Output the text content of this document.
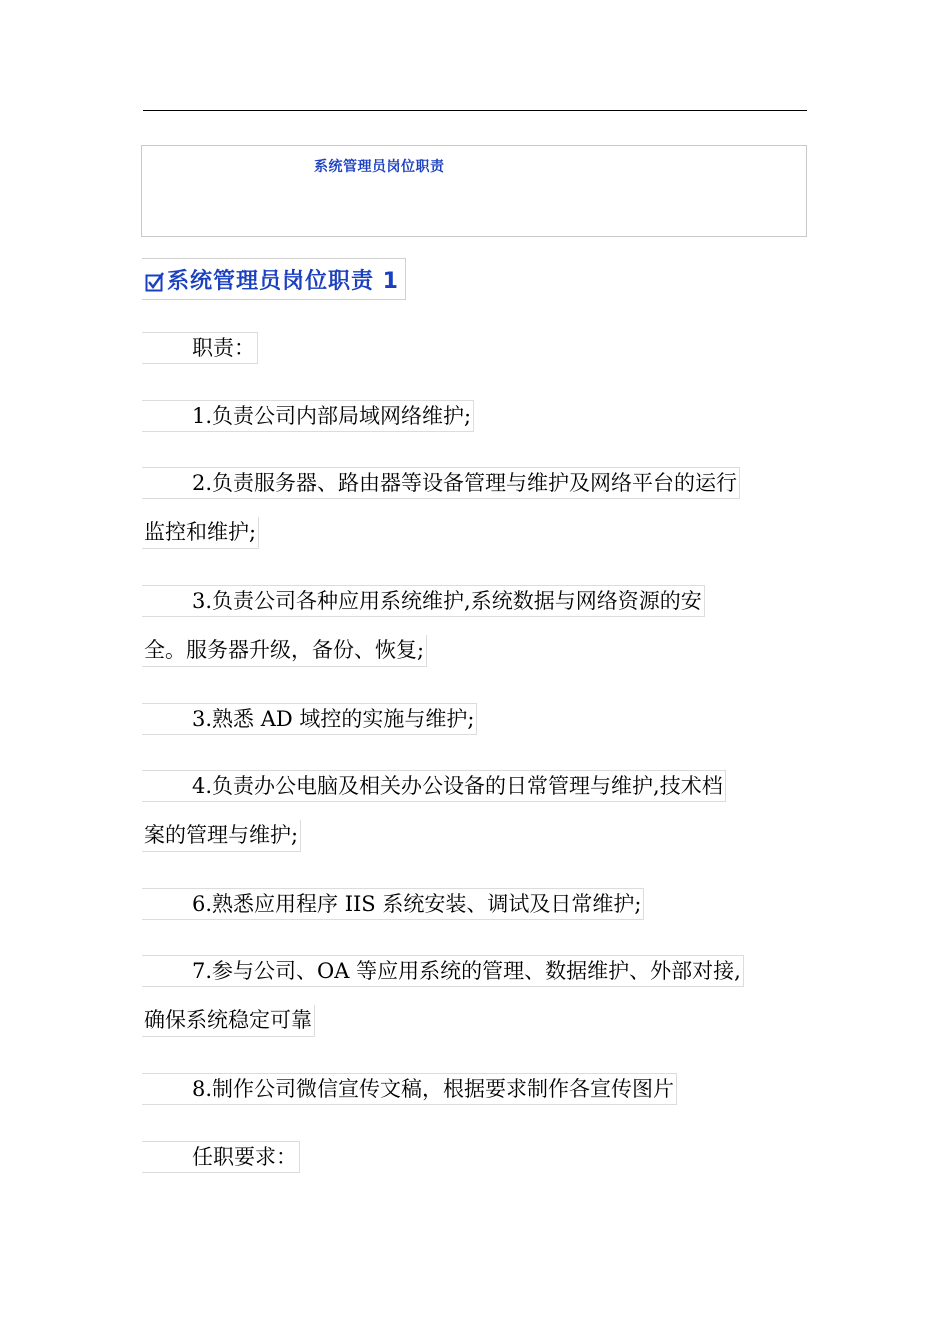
系统管理员岗位职责
系统管理员岗位职责 1
职责：
1.负责公司内部局域网络维护;
2.负责服务器、路由器等设备管理与维护及网络平台的运行
监控和维护;
3.负责公司各种应用系统维护,系统数据与网络资源的安
全。服务器升级，备份、恢复;
3.熟悉 AD 域控的实施与维护;
4.负责办公电脑及相关办公设备的日常管理与维护,技术档
案的管理与维护;
6.熟悉应用程序 IIS 系统安装、调试及日常维护;
7.参与公司、OA 等应用系统的管理、数据维护、外部对接,
确保系统稳定可靠
8.制作公司微信宣传文稿，根据要求制作各宣传图片
任职要求：
